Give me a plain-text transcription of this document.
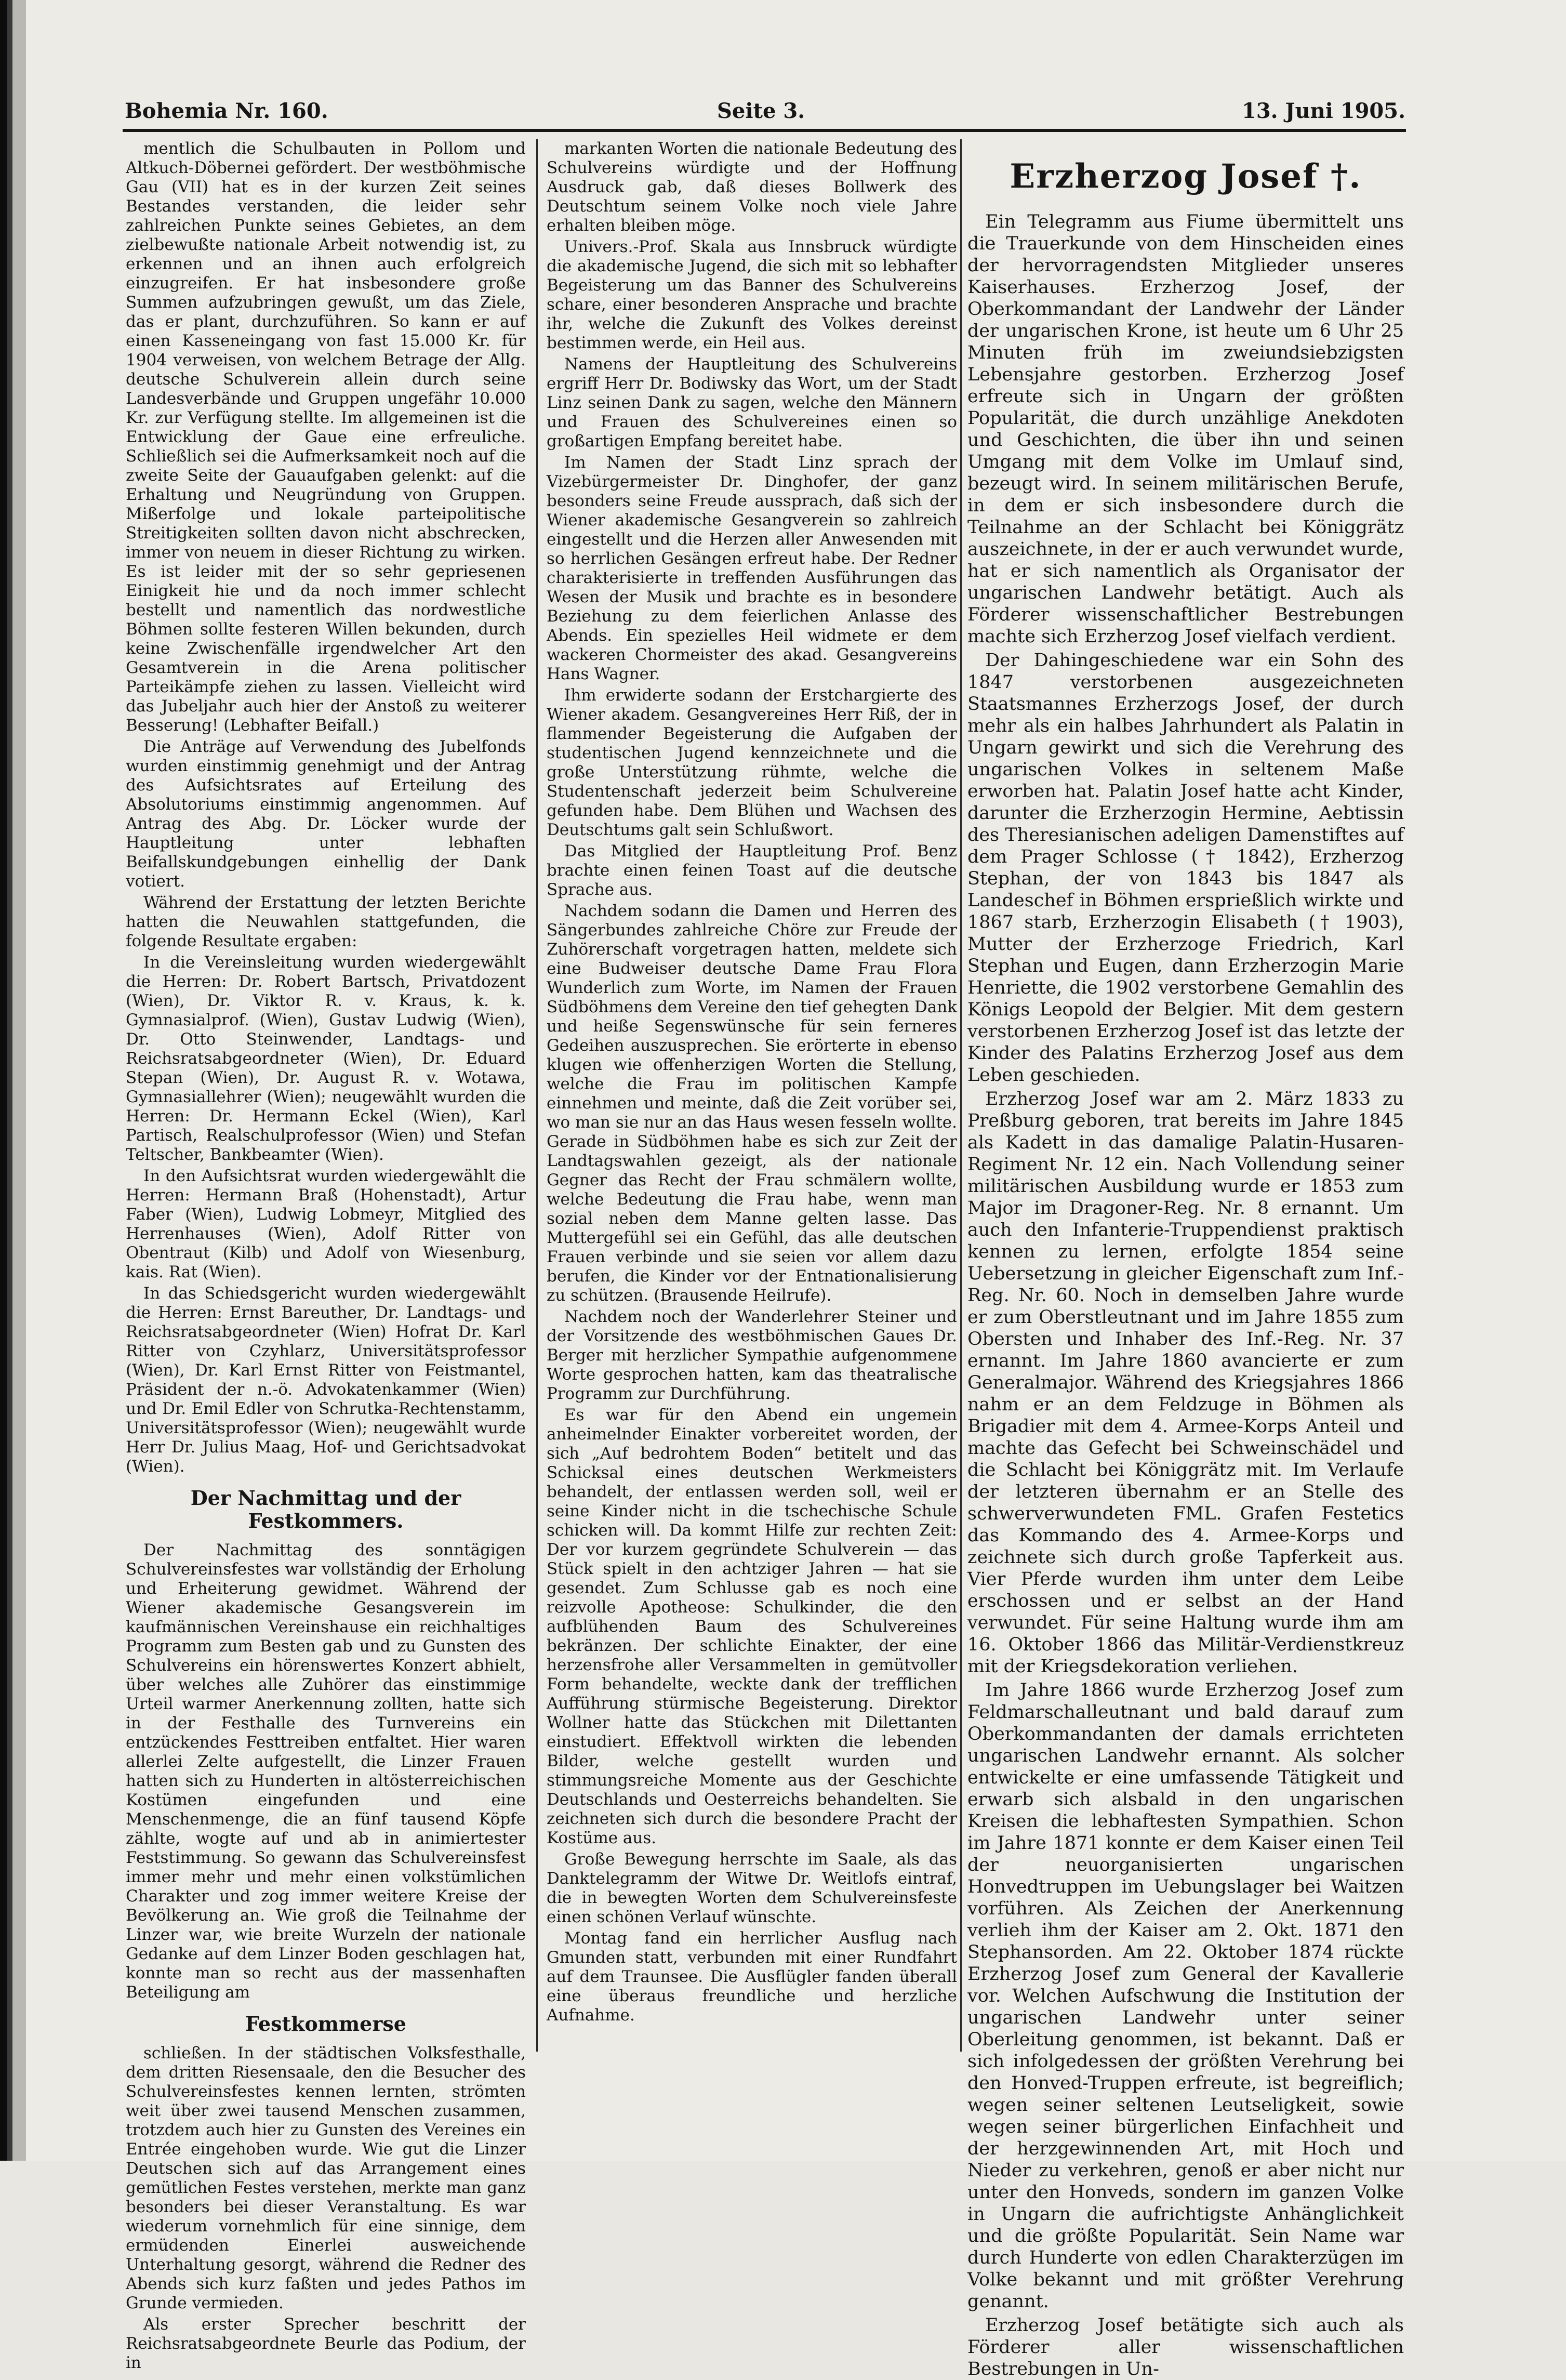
Bohemia Nr. 160.	Seite 3.	13. Juni 1905.

mentlich die Schulbauten in Pollom und Altkuch-Döbernei gefördert. Der westböhmische Gau (VII) hat es in der kurzen Zeit seines Bestandes verstanden, die leider sehr zahlreichen Punkte seines Gebietes, an dem zielbewußte nationale Arbeit notwendig ist, zu erkennen und an ihnen auch erfolgreich einzugreifen. Er hat insbesondere große Summen aufzubringen gewußt, um das Ziele, das er plant, durchzuführen. So kann er auf einen Kasseneingang von fast 15.000 Kr. für 1904 verweisen, von welchem Betrage der Allg. deutsche Schulverein allein durch seine Landesverbände und Gruppen ungefähr 10.000 Kr. zur Verfügung stellte. Im allgemeinen ist die Entwicklung der Gaue eine erfreuliche. Schließlich sei die Aufmerksamkeit noch auf die zweite Seite der Gauaufgaben gelenkt: auf die Erhaltung und Neugründung von Gruppen. Mißerfolge und lokale parteipolitische Streitigkeiten sollten davon nicht abschrecken, immer von neuem in dieser Richtung zu wirken. Es ist leider mit der so sehr gepriesenen Einigkeit hie und da noch immer schlecht bestellt und namentlich das nordwestliche Böhmen sollte festeren Willen bekunden, durch keine Zwischenfälle irgendwelcher Art den Gesamtverein in die Arena politischer Parteikämpfe ziehen zu lassen. Vielleicht wird das Jubeljahr auch hier der Anstoß zu weiterer Besserung! (Lebhafter Beifall.)

Die Anträge auf Verwendung des Jubelfonds wurden einstimmig genehmigt und der Antrag des Aufsichtsrates auf Erteilung des Absolutoriums einstimmig angenommen. Auf Antrag des Abg. Dr. Löcker wurde der Hauptleitung unter lebhaften Beifallskundgebungen einhellig der Dank votiert.

Während der Erstattung der letzten Berichte hatten die Neuwahlen stattgefunden, die folgende Resultate ergaben:

In die Vereinsleitung wurden wiedergewählt die Herren: Dr. Robert Bartsch, Privatdozent (Wien), Dr. Viktor R. v. Kraus, k. k. Gymnasialprof. (Wien), Gustav Ludwig (Wien), Dr. Otto Steinwender, Landtags- und Reichsratsabgeordneter (Wien), Dr. Eduard Stepan (Wien), Dr. August R. v. Wotawa, Gymnasiallehrer (Wien); neugewählt wurden die Herren: Dr. Hermann Eckel (Wien), Karl Partisch, Realschulprofessor (Wien) und Stefan Teltscher, Bankbeamter (Wien).

In den Aufsichtsrat wurden wiedergewählt die Herren: Hermann Braß (Hohenstadt), Artur Faber (Wien), Ludwig Lobmeyr, Mitglied des Herrenhauses (Wien), Adolf Ritter von Obentraut (Kilb) und Adolf von Wiesenburg, kais. Rat (Wien).

In das Schiedsgericht wurden wiedergewählt die Herren: Ernst Bareuther, Dr. Landtags- und Reichsratsabgeordneter (Wien) Hofrat Dr. Karl Ritter von Czyhlarz, Universitätsprofessor (Wien), Dr. Karl Ernst Ritter von Feistmantel, Präsident der n.-ö. Advokatenkammer (Wien) und Dr. Emil Edler von Schrutka-Rechtenstamm, Universitätsprofessor (Wien); neugewählt wurde Herr Dr. Julius Maag, Hof- und Gerichtsadvokat (Wien).

Der Nachmittag und der Festkommers.

Der Nachmittag des sonntägigen Schulvereinsfestes war vollständig der Erholung und Erheiterung gewidmet. Während der Wiener akademische Gesangsverein im kaufmännischen Vereinshause ein reichhaltiges Programm zum Besten gab und zu Gunsten des Schulvereins ein hörenswertes Konzert abhielt, über welches alle Zuhörer das einstimmige Urteil warmer Anerkennung zollten, hatte sich in der Festhalle des Turnvereins ein entzückendes Festtreiben entfaltet. Hier waren allerlei Zelte aufgestellt, die Linzer Frauen hatten sich zu Hunderten in altösterreichischen Kostümen eingefunden und eine Menschenmenge, die an fünf tausend Köpfe zählte, wogte auf und ab in animiertester Feststimmung. So gewann das Schulvereinsfest immer mehr und mehr einen volkstümlichen Charakter und zog immer weitere Kreise der Bevölkerung an. Wie groß die Teilnahme der Linzer war, wie breite Wurzeln der nationale Gedanke auf dem Linzer Boden geschlagen hat, konnte man so recht aus der massenhaften Beteiligung am

Festkommerse

schließen. In der städtischen Volksfesthalle, dem dritten Riesensaale, den die Besucher des Schulvereinsfestes kennen lernten, strömten weit über zwei tausend Menschen zusammen, trotzdem auch hier zu Gunsten des Vereines ein Entrée eingehoben wurde. Wie gut die Linzer Deutschen sich auf das Arrangement eines gemütlichen Festes verstehen, merkte man ganz besonders bei dieser Veranstaltung. Es war wiederum vornehmlich für eine sinnige, dem ermüdenden Einerlei ausweichende Unterhaltung gesorgt, während die Redner des Abends sich kurz faßten und jedes Pathos im Grunde vermieden.

Als erster Sprecher beschritt der Reichsratsabgeordnete Beurle das Podium, der in

markanten Worten die nationale Bedeutung des Schulvereins würdigte und der Hoffnung Ausdruck gab, daß dieses Bollwerk des Deutschtum seinem Volke noch viele Jahre erhalten bleiben möge.

Univers.-Prof. Skala aus Innsbruck würdigte die akademische Jugend, die sich mit so lebhafter Begeisterung um das Banner des Schulvereins schare, einer besonderen Ansprache und brachte ihr, welche die Zukunft des Volkes dereinst bestimmen werde, ein Heil aus.

Namens der Hauptleitung des Schulvereins ergriff Herr Dr. Bodiwsky das Wort, um der Stadt Linz seinen Dank zu sagen, welche den Männern und Frauen des Schulvereines einen so großartigen Empfang bereitet habe.

Im Namen der Stadt Linz sprach der Vizebürgermeister Dr. Dinghofer, der ganz besonders seine Freude aussprach, daß sich der Wiener akademische Gesangverein so zahlreich eingestellt und die Herzen aller Anwesenden mit so herrlichen Gesängen erfreut habe. Der Redner charakterisierte in treffenden Ausführungen das Wesen der Musik und brachte es in besondere Beziehung zu dem feierlichen Anlasse des Abends. Ein spezielles Heil widmete er dem wackeren Chormeister des akad. Gesangvereins Hans Wagner.

Ihm erwiderte sodann der Erstchargierte des Wiener akadem. Gesangvereines Herr Riß, der in flammender Begeisterung die Aufgaben der studentischen Jugend kennzeichnete und die große Unterstützung rühmte, welche die Studentenschaft jederzeit beim Schulvereine gefunden habe. Dem Blühen und Wachsen des Deutschtums galt sein Schlußwort.

Das Mitglied der Hauptleitung Prof. Benz brachte einen feinen Toast auf die deutsche Sprache aus.

Nachdem sodann die Damen und Herren des Sängerbundes zahlreiche Chöre zur Freude der Zuhörerschaft vorgetragen hatten, meldete sich eine Budweiser deutsche Dame Frau Flora Wunderlich zum Worte, im Namen der Frauen Südböhmens dem Vereine den tief gehegten Dank und heiße Segenswünsche für sein ferneres Gedeihen auszusprechen. Sie erörterte in ebenso klugen wie offenherzigen Worten die Stellung, welche die Frau im politischen Kampfe einnehmen und meinte, daß die Zeit vorüber sei, wo man sie nur an das Haus wesen fesseln wollte. Gerade in Südböhmen habe es sich zur Zeit der Landtagswahlen gezeigt, als der nationale Gegner das Recht der Frau schmälern wollte, welche Bedeutung die Frau habe, wenn man sozial neben dem Manne gelten lasse. Das Muttergefühl sei ein Gefühl, das alle deutschen Frauen verbinde und sie seien vor allem dazu berufen, die Kinder vor der Entnationalisierung zu schützen. (Brausende Heilrufe).

Nachdem noch der Wanderlehrer Steiner und der Vorsitzende des westböhmischen Gaues Dr. Berger mit herzlicher Sympathie aufgenommene Worte gesprochen hatten, kam das theatralische Programm zur Durchführung.

Es war für den Abend ein ungemein anheimelnder Einakter vorbereitet worden, der sich „Auf bedrohtem Boden“ betitelt und das Schicksal eines deutschen Werkmeisters behandelt, der entlassen werden soll, weil er seine Kinder nicht in die tschechische Schule schicken will. Da kommt Hilfe zur rechten Zeit: Der vor kurzem gegründete Schulverein — das Stück spielt in den achtziger Jahren — hat sie gesendet. Zum Schlusse gab es noch eine reizvolle Apotheose: Schulkinder, die den aufblühenden Baum des Schulvereines bekränzen. Der schlichte Einakter, der eine herzensfrohe aller Versammelten in gemütvoller Form behandelte, weckte dank der trefflichen Aufführung stürmische Begeisterung. Direktor Wollner hatte das Stückchen mit Dilettanten einstudiert. Effektvoll wirkten die lebenden Bilder, welche gestellt wurden und stimmungsreiche Momente aus der Geschichte Deutschlands und Oesterreichs behandelten. Sie zeichneten sich durch die besondere Pracht der Kostüme aus.

Große Bewegung herrschte im Saale, als das Danktelegramm der Witwe Dr. Weitlofs eintraf, die in bewegten Worten dem Schulvereinsfeste einen schönen Verlauf wünschte.

Montag fand ein herrlicher Ausflug nach Gmunden statt, verbunden mit einer Rundfahrt auf dem Traunsee. Die Ausflügler fanden überall eine überaus freundliche und herzliche Aufnahme.

Erzherzog Josef †.

Ein Telegramm aus Fiume übermittelt uns die Trauerkunde von dem Hinscheiden eines der hervorragendsten Mitglieder unseres Kaiserhauses. Erzherzog Josef, der Oberkommandant der Landwehr der Länder der ungarischen Krone, ist heute um 6 Uhr 25 Minuten früh im zweiundsiebzigsten Lebensjahre gestorben. Erzherzog Josef erfreute sich in Ungarn der größten Popularität, die durch unzählige Anekdoten und Geschichten, die über ihn und seinen Umgang mit dem Volke im Umlauf sind, bezeugt wird. In seinem militärischen Berufe, in dem er sich insbesondere durch die Teilnahme an der Schlacht bei Königgrätz auszeichnete, in der er auch verwundet wurde, hat er sich namentlich als Organisator der ungarischen Landwehr betätigt. Auch als Förderer wissenschaftlicher Bestrebungen machte sich Erzherzog Josef vielfach verdient.

Der Dahingeschiedene war ein Sohn des 1847 verstorbenen ausgezeichneten Staatsmannes Erzherzogs Josef, der durch mehr als ein halbes Jahrhundert als Palatin in Ungarn gewirkt und sich die Verehrung des ungarischen Volkes in seltenem Maße erworben hat. Palatin Josef hatte acht Kinder, darunter die Erzherzogin Hermine, Aebtissin des Theresianischen adeligen Damenstiftes auf dem Prager Schlosse († 1842), Erzherzog Stephan, der von 1843 bis 1847 als Landeschef in Böhmen ersprießlich wirkte und 1867 starb, Erzherzogin Elisabeth († 1903), Mutter der Erzherzoge Friedrich, Karl Stephan und Eugen, dann Erzherzogin Marie Henriette, die 1902 verstorbene Gemahlin des Königs Leopold der Belgier. Mit dem gestern verstorbenen Erzherzog Josef ist das letzte der Kinder des Palatins Erzherzog Josef aus dem Leben geschieden.

Erzherzog Josef war am 2. März 1833 zu Preßburg geboren, trat bereits im Jahre 1845 als Kadett in das damalige Palatin-Husaren-Regiment Nr. 12 ein. Nach Vollendung seiner militärischen Ausbildung wurde er 1853 zum Major im Dragoner-Reg. Nr. 8 ernannt. Um auch den Infanterie-Truppendienst praktisch kennen zu lernen, erfolgte 1854 seine Uebersetzung in gleicher Eigenschaft zum Inf.-Reg. Nr. 60. Noch in demselben Jahre wurde er zum Oberstleutnant und im Jahre 1855 zum Obersten und Inhaber des Inf.-Reg. Nr. 37 ernannt. Im Jahre 1860 avancierte er zum Generalmajor. Während des Kriegsjahres 1866 nahm er an dem Feldzuge in Böhmen als Brigadier mit dem 4. Armee-Korps Anteil und machte das Gefecht bei Schweinschädel und die Schlacht bei Königgrätz mit. Im Verlaufe der letzteren übernahm er an Stelle des schwerverwundeten FML. Grafen Festetics das Kommando des 4. Armee-Korps und zeichnete sich durch große Tapferkeit aus. Vier Pferde wurden ihm unter dem Leibe erschossen und er selbst an der Hand verwundet. Für seine Haltung wurde ihm am 16. Oktober 1866 das Militär-Verdienstkreuz mit der Kriegsdekoration verliehen.

Im Jahre 1866 wurde Erzherzog Josef zum Feldmarschalleutnant und bald darauf zum Oberkommandanten der damals errichteten ungarischen Landwehr ernannt. Als solcher entwickelte er eine umfassende Tätigkeit und erwarb sich alsbald in den ungarischen Kreisen die lebhaftesten Sympathien. Schon im Jahre 1871 konnte er dem Kaiser einen Teil der neuorganisierten ungarischen Honvedtruppen im Uebungslager bei Waitzen vorführen. Als Zeichen der Anerkennung verlieh ihm der Kaiser am 2. Okt. 1871 den Stephansorden. Am 22. Oktober 1874 rückte Erzherzog Josef zum General der Kavallerie vor. Welchen Aufschwung die Institution der ungarischen Landwehr unter seiner Oberleitung genommen, ist bekannt. Daß er sich infolgedessen der größten Verehrung bei den Honved-Truppen erfreute, ist begreiflich; wegen seiner seltenen Leutseligkeit, sowie wegen seiner bürgerlichen Einfachheit und der herzgewinnenden Art, mit Hoch und Nieder zu verkehren, genoß er aber nicht nur unter den Honveds, sondern im ganzen Volke in Ungarn die aufrichtigste Anhänglichkeit und die größte Popularität. Sein Name war durch Hunderte von edlen Charakterzügen im Volke bekannt und mit größter Verehrung genannt.

Erzherzog Josef betätigte sich auch als Förderer aller wissenschaftlichen Bestrebungen in Un-
